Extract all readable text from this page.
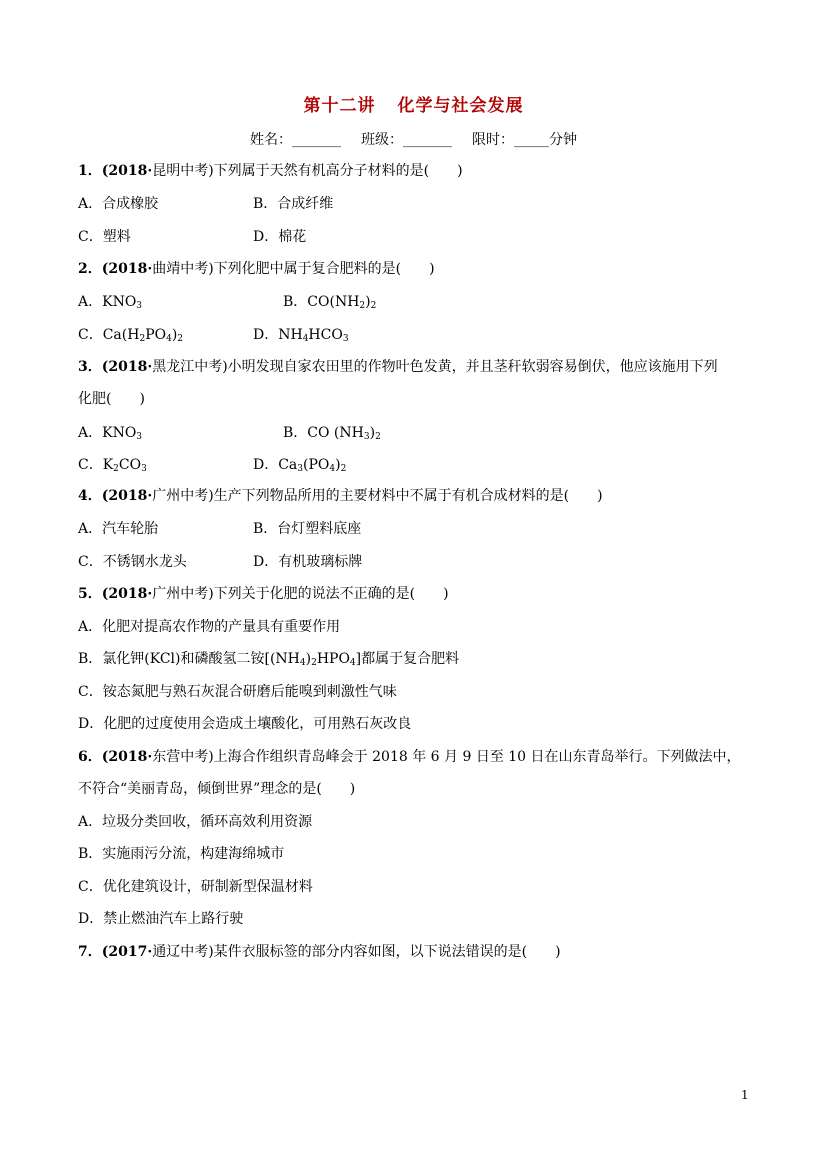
第十二讲 化学与社会发展
姓名：_______ 班级：_______ 限时：_____分钟
1．(2018·昆明中考)下列属于天然有机高分子材料的是(　　)
A．合成橡胶	B．合成纤维
C．塑料	D．棉花
2．(2018·曲靖中考)下列化肥中属于复合肥料的是(　　)
A．$KNO_3$	B．$CO(NH_2)_2$
C．$Ca(H_2PO_4)_2$	D．$NH_4HCO_3$
3．(2018·黑龙江中考)小明发现自家农田里的作物叶色发黄，并且茎秆软弱容易倒伏，他应该施用下列
化肥(　　)
A．$KNO_3$	B．CO $(NH_3)_2$
C．$K_2CO_3$	D．$Ca_3(PO_4)_2$
4．(2018·广州中考)生产下列物品所用的主要材料中不属于有机合成材料的是(　　)
A．汽车轮胎	B．台灯塑料底座
C．不锈钢水龙头	D．有机玻璃标牌
5．(2018·广州中考)下列关于化肥的说法不正确的是(　　)
A．化肥对提高农作物的产量具有重要作用
B．氯化钾(KCl)和磷酸氢二铵$[(NH_4)_2HPO_4]$都属于复合肥料
C．铵态氮肥与熟石灰混合研磨后能嗅到刺激性气味
D．化肥的过度使用会造成土壤酸化，可用熟石灰改良
6．(2018·东营中考)上海合作组织青岛峰会于 2018 年 6 月 9 日至 10 日在山东青岛举行。下列做法中，
不符合“美丽青岛，倾倒世界”理念的是(　　)
A．垃圾分类回收，循环高效利用资源
B．实施雨污分流，构建海绵城市
C．优化建筑设计，研制新型保温材料
D．禁止燃油汽车上路行驶
7．(2017·通辽中考)某件衣服标签的部分内容如图，以下说法错误的是(　　)
1
